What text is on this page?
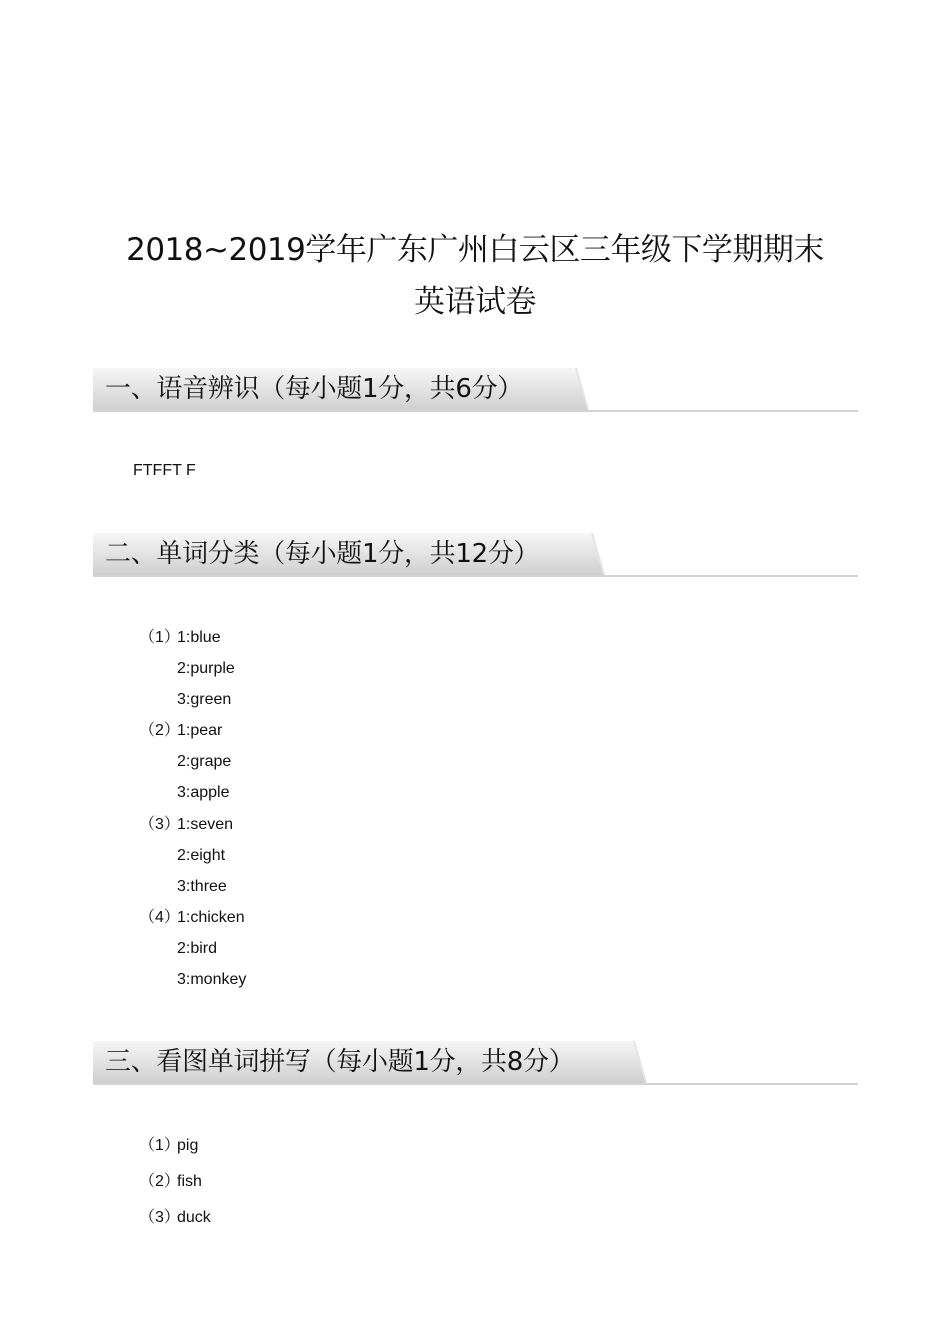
2018~2019学年广东广州白云区三年级下学期期末
英语试卷
一、语音辨识（每小题1分，共6分）
FTFFT F
二、单词分类（每小题1分，共12分）
（1）
1:blue
2:purple
3:green
（2）
1:pear
2:grape
3:apple
（3）
1:seven
2:eight
3:three
（4）
1:chicken
2:bird
3:monkey
三、看图单词拼写（每小题1分，共8分）
（1）
pig
（2）
fish
（3）
duck
